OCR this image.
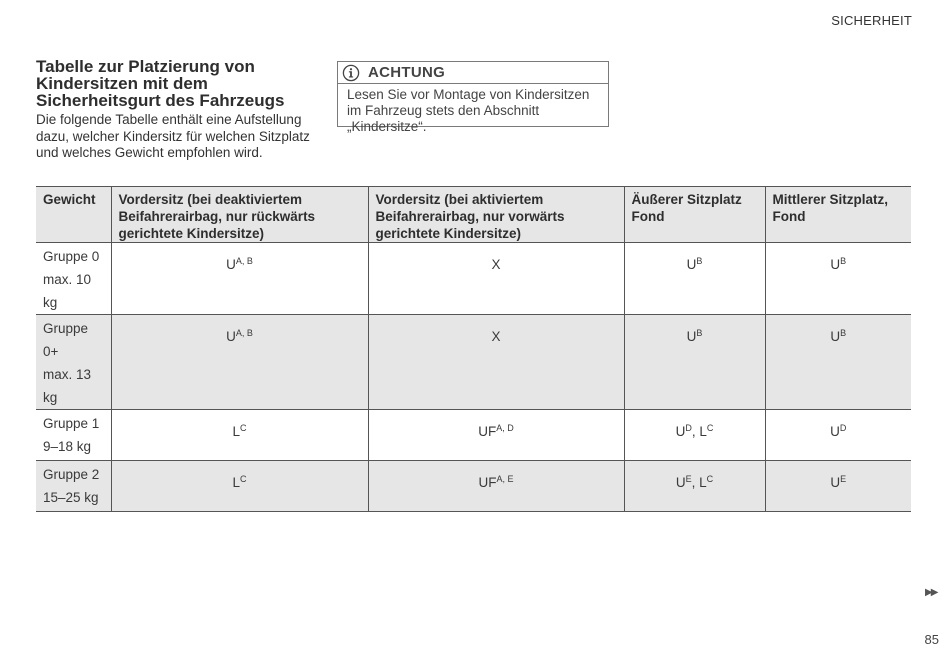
SICHERHEIT
Tabelle zur Platzierung von Kindersitzen mit dem Sicherheitsgurt des Fahrzeugs
Die folgende Tabelle enthält eine Aufstellung dazu, welcher Kindersitz für welchen Sitzplatz und welches Gewicht empfohlen wird.
ACHTUNG
Lesen Sie vor Montage von Kindersitzen im Fahrzeug stets den Abschnitt „Kindersitze“.
Gewicht	Vordersitz (bei deaktiviertem Beifahrerairbag, nur rückwärts gerichtete Kindersitze)	Vordersitz (bei aktiviertem Beifahrerairbag, nur vorwärts gerichtete Kindersitze)	Äußerer Sitzplatz Fond	Mittlerer Sitzplatz, Fond

Gruppe 0
max. 10 kg	$U^{A, B}$	X	$U^B$	$U^B$

Gruppe 0+
max. 13 kg	$U^{A, B}$	X	$U^B$	$U^B$

Gruppe 1
9–18 kg	$L^C$	$UF^{A, D}$	$U^D$, $L^C$	$U^D$

Gruppe 2
15–25 kg	$L^C$	$UF^{A, E}$	$U^E$, $L^C$	$U^E$
▶▶
85
